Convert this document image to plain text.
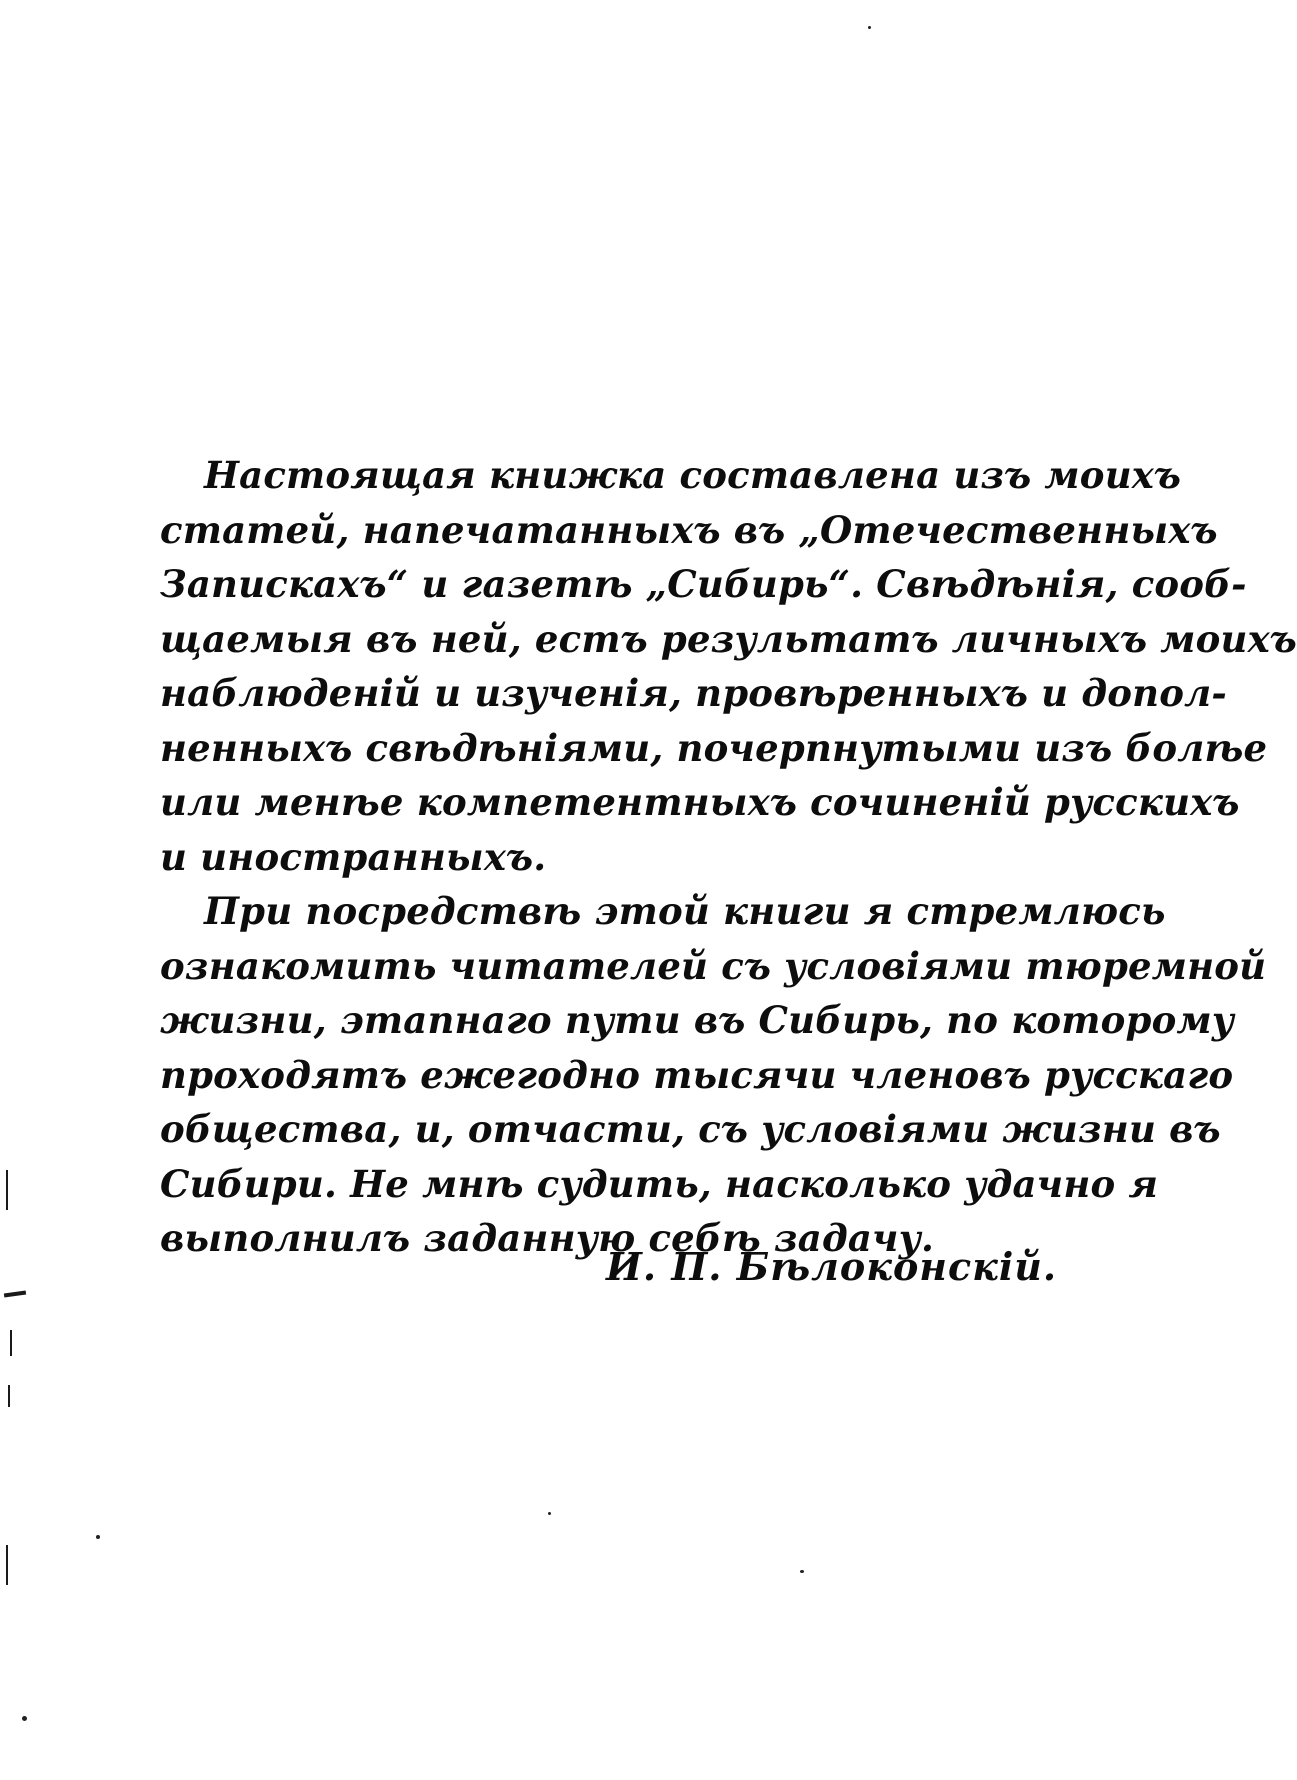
Настоящая книжка составлена изъ моихъ
статей, напечатанныхъ въ „Отечественныхъ
Запискахъ“ и газетѣ „Сибирь“. Свѣдѣнія, сооб-
щаемыя въ ней, естъ результатъ личныхъ моихъ
наблюденій и изученія, провѣренныхъ и допол-
ненныхъ свѣдѣніями, почерпнутыми изъ болѣе
или менѣе компетентныхъ сочиненій русскихъ
и иностранныхъ.
При посредствѣ этой книги я стремлюсь
ознакомить читателей съ условіями тюремной
жизни, этапнаго пути въ Сибирь, по которому
проходятъ ежегодно тысячи членовъ русскаго
общества, и, отчасти, съ условіями жизни въ
Сибири. Не мнѣ судить, насколько удачно я
выполнилъ заданную себѣ задачу.
И. П. Бѣлоконскій.
